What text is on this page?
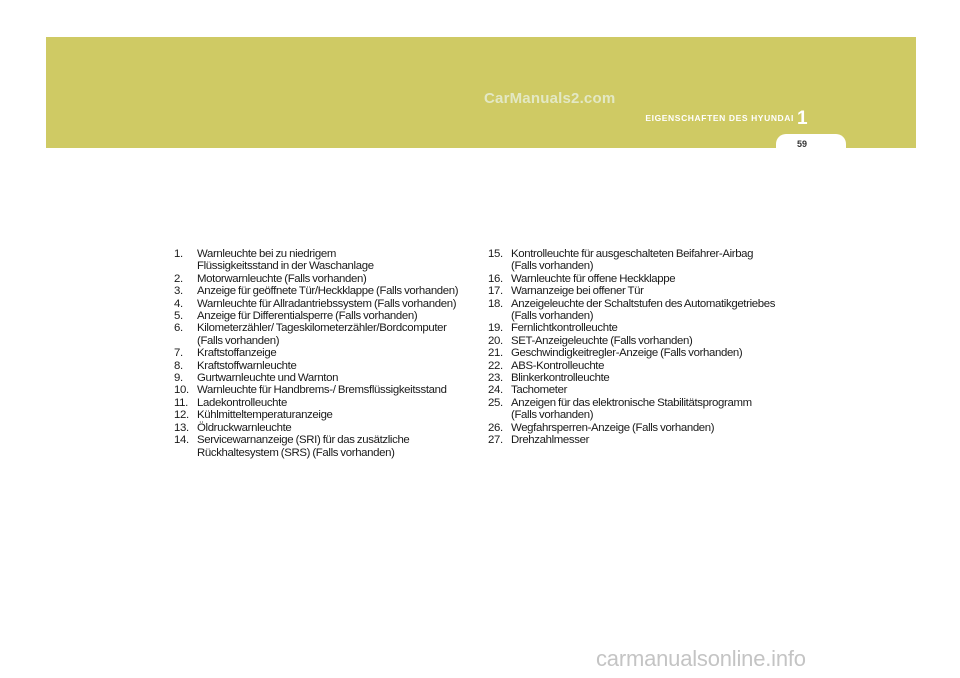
CarManuals2.com
EIGENSCHAFTEN DES HYUNDAI 1
59
1.	Warnleuchte bei zu niedrigem
Flüssigkeitsstand in der Waschanlage
2.	Motorwarnleuchte (Falls vorhanden)
3.	Anzeige für geöffnete Tür/Heckklappe (Falls vorhanden)
4.	Warnleuchte für Allradantriebssystem (Falls vorhanden)
5.	Anzeige für Differentialsperre (Falls vorhanden)
6.	Kilometerzähler/ Tageskilometerzähler/Bordcomputer
(Falls vorhanden)
7.	Kraftstoffanzeige
8.	Kraftstoffwarnleuchte
9.	Gurtwarnleuchte und Warnton
10. Warnleuchte für Handbrems-/ Bremsflüssigkeitsstand
11. Ladekontrolleuchte
12. Kühlmitteltemperaturanzeige
13. Öldruckwarnleuchte
14. Servicewarnanzeige (SRI) für das zusätzliche
Rückhaltesystem (SRS) (Falls vorhanden)
15. Kontrolleuchte für ausgeschalteten Beifahrer-Airbag
(Falls vorhanden)
16. Warnleuchte für offene Heckklappe
17. Warnanzeige bei offener Tür
18. Anzeigeleuchte der Schaltstufen des Automatikgetriebes
(Falls vorhanden)
19. Fernlichtkontrolleuchte
20. SET-Anzeigeleuchte (Falls vorhanden)
21. Geschwindigkeitregler-Anzeige (Falls vorhanden)
22. ABS-Kontrolleuchte
23. Blinkerkontrolleuchte
24. Tachometer
25. Anzeigen für das elektronische Stabilitätsprogramm
(Falls vorhanden)
26. Wegfahrsperren-Anzeige (Falls vorhanden)
27. Drehzahlmesser
carmanualsonline.info
